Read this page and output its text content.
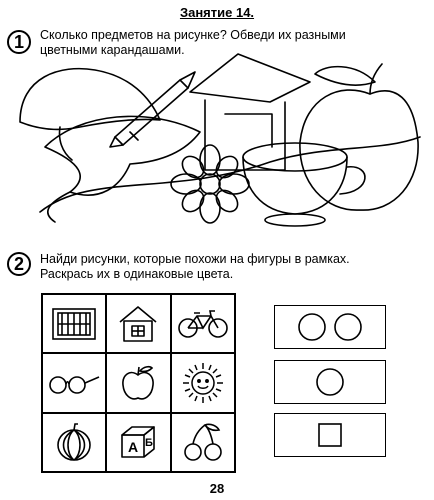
Занятие 14.
1	Сколько предметов на рисунке? Обведи их разными
цветными карандашами.
2	Найди рисунки, которые похожи на фигуры в рамках.
Раскрась их в одинаковые цвета.
А Б
28
